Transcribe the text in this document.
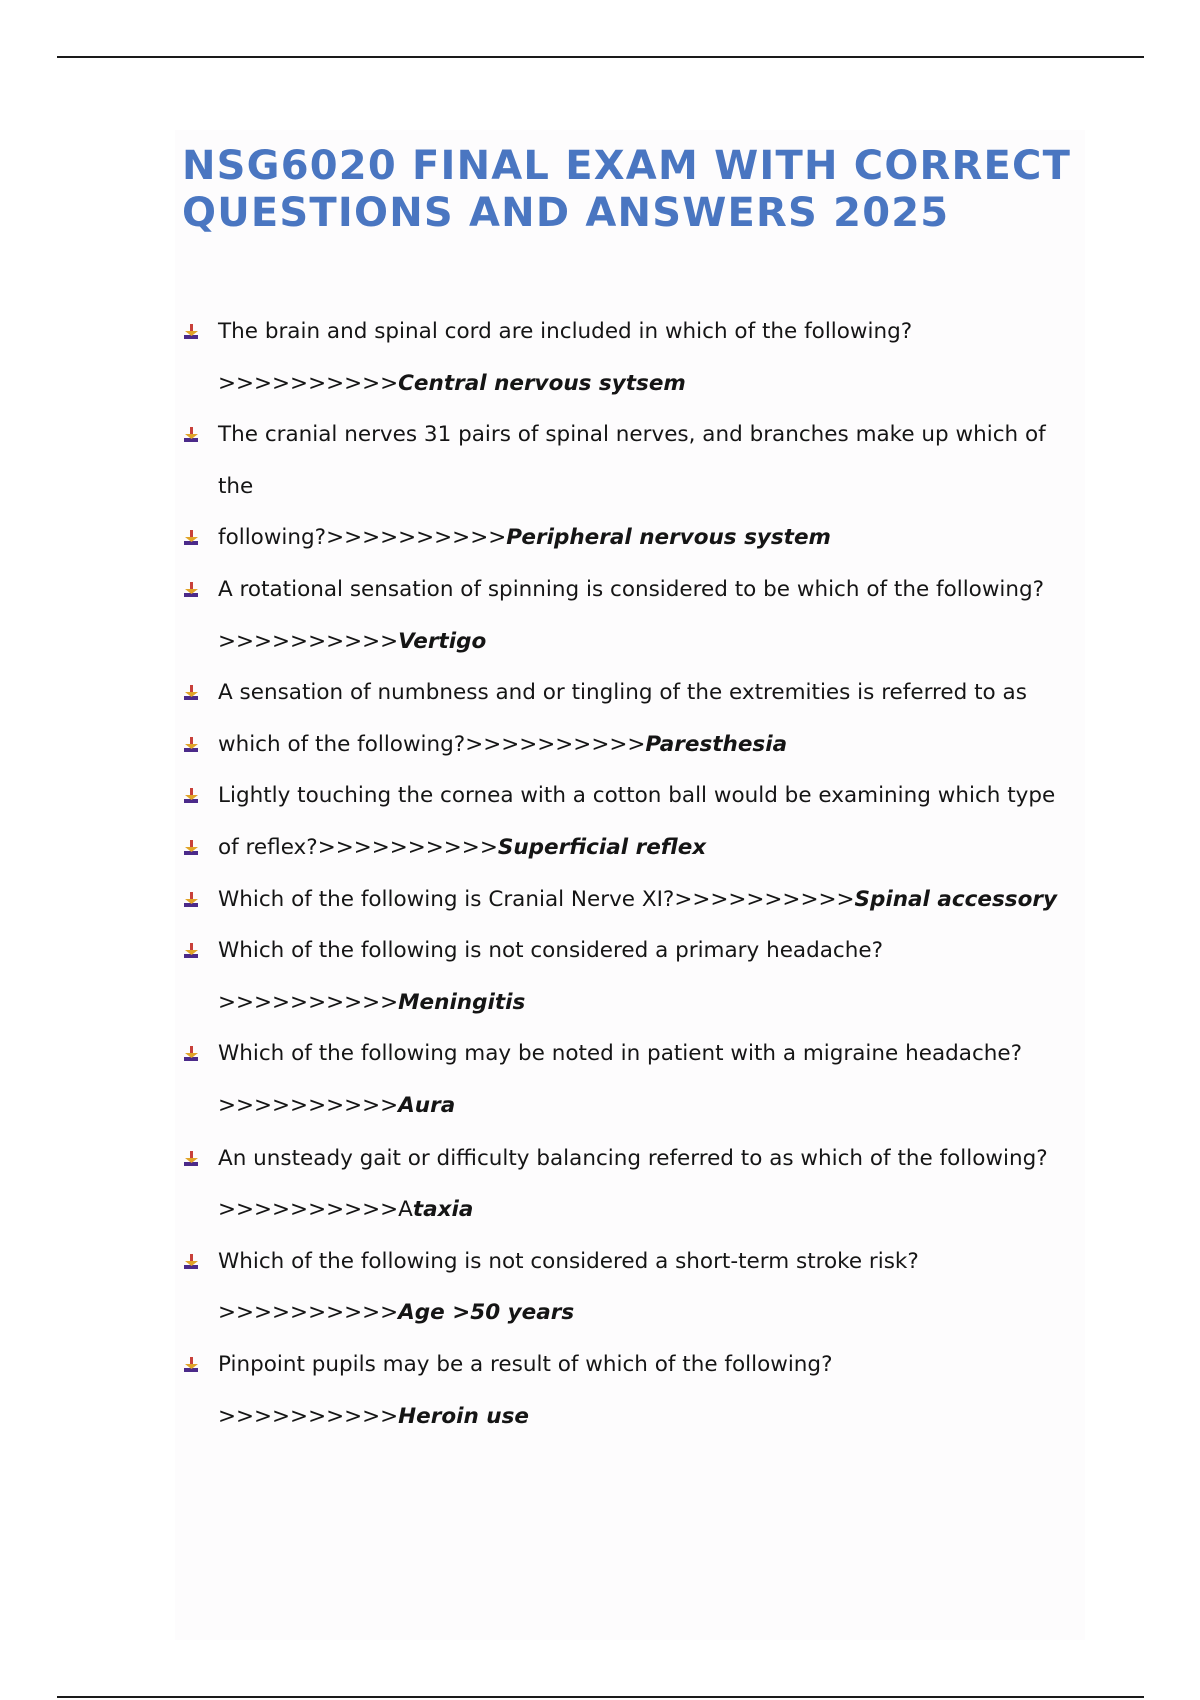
NSG6020 FINAL EXAM WITH CORRECT
QUESTIONS AND ANSWERS 2025
The brain and spinal cord are included in which of the following?
>>>>>>>>>>Central nervous sytsem
The cranial nerves 31 pairs of spinal nerves, and branches make up which of
the
following?>>>>>>>>>>Peripheral nervous system
A rotational sensation of spinning is considered to be which of the following?
>>>>>>>>>>Vertigo
A sensation of numbness and or tingling of the extremities is referred to as
which of the following?>>>>>>>>>>Paresthesia
Lightly touching the cornea with a cotton ball would be examining which type
of reflex?>>>>>>>>>>Superficial reflex
Which of the following is Cranial Nerve XI?>>>>>>>>>>Spinal accessory
Which of the following is not considered a primary headache?
>>>>>>>>>>Meningitis
Which of the following may be noted in patient with a migraine headache?
>>>>>>>>>>Aura
An unsteady gait or difficulty balancing referred to as which of the following?
>>>>>>>>>>Ataxia
Which of the following is not considered a short-term stroke risk?
>>>>>>>>>>Age >50 years
Pinpoint pupils may be a result of which of the following?
>>>>>>>>>>Heroin use
